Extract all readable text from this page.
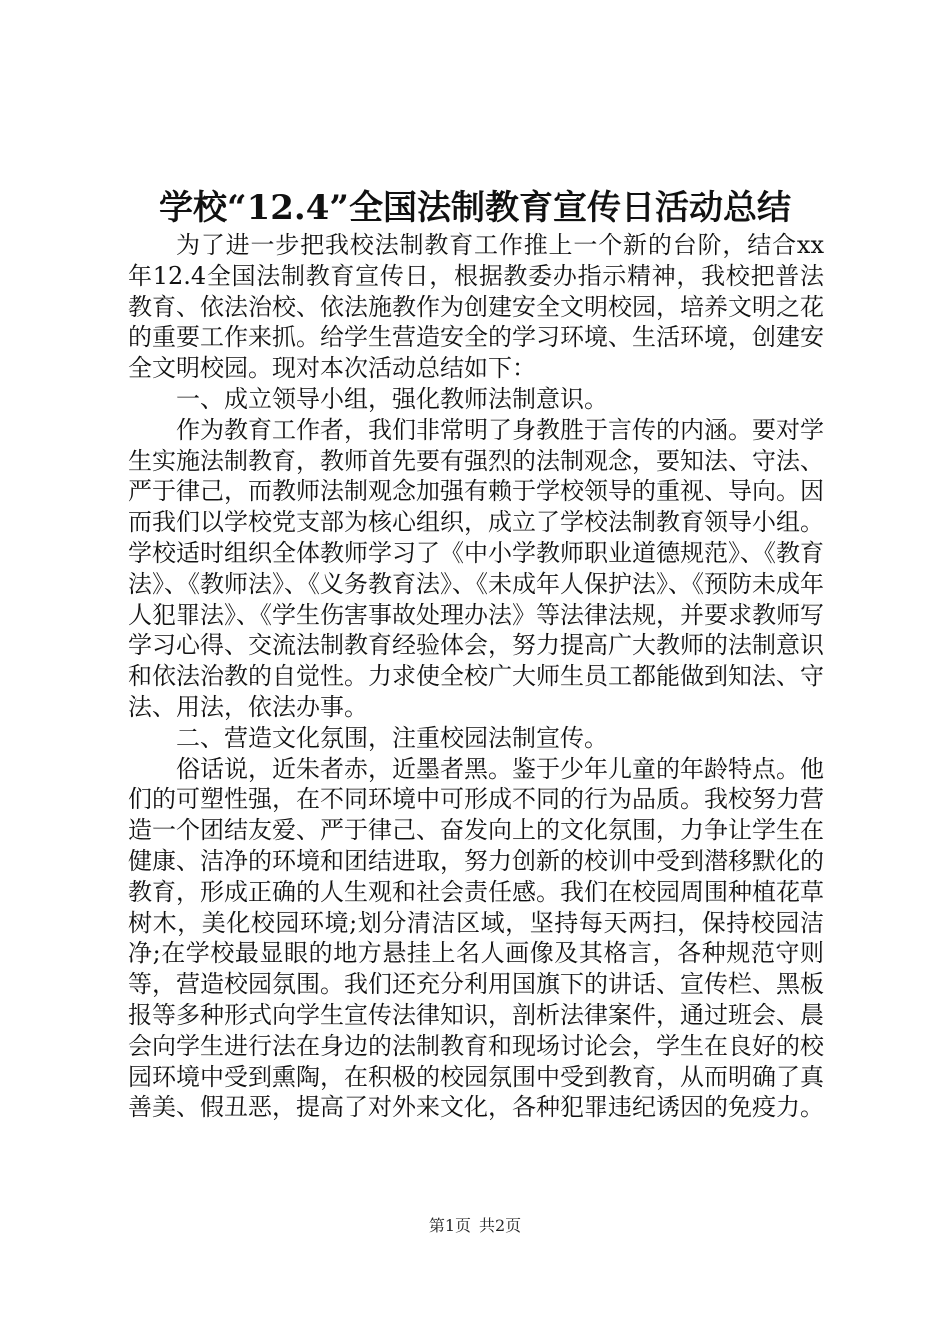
学校“12.4”全国法制教育宣传日活动总结

为了进一步把我校法制教育工作推上一个新的台阶，结合xx年12.4全国法制教育宣传日，根据教委办指示精神，我校把普法教育、依法治校、依法施教作为创建安全文明校园，培养文明之花的重要工作来抓。给学生营造安全的学习环境、生活环境，创建安全文明校园。现对本次活动总结如下：

一、成立领导小组，强化教师法制意识。

作为教育工作者，我们非常明了身教胜于言传的内涵。要对学生实施法制教育，教师首先要有强烈的法制观念，要知法、守法、严于律己，而教师法制观念加强有赖于学校领导的重视、导向。因而我们以学校党支部为核心组织，成立了学校法制教育领导小组。学校适时组织全体教师学习了《中小学教师职业道德规范》、《教育法》、《教师法》、《义务教育法》、《未成年人保护法》、《预防未成年人犯罪法》、《学生伤害事故处理办法》等法律法规，并要求教师写学习心得、交流法制教育经验体会，努力提高广大教师的法制意识和依法治教的自觉性。力求使全校广大师生员工都能做到知法、守法、用法，依法办事。

二、营造文化氛围，注重校园法制宣传。

俗话说，近朱者赤，近墨者黑。鉴于少年儿童的年龄特点。他们的可塑性强，在不同环境中可形成不同的行为品质。我校努力营造一个团结友爱、严于律己、奋发向上的文化氛围，力争让学生在健康、洁净的环境和团结进取，努力创新的校训中受到潜移默化的教育，形成正确的人生观和社会责任感。我们在校园周围种植花草树木，美化校园环境;划分清洁区域，坚持每天两扫，保持校园洁净;在学校最显眼的地方悬挂上名人画像及其格言，各种规范守则等，营造校园氛围。我们还充分利用国旗下的讲话、宣传栏、黑板报等多种形式向学生宣传法律知识，剖析法律案件，通过班会、晨会向学生进行法在身边的法制教育和现场讨论会，学生在良好的校园环境中受到熏陶，在积极的校园氛围中受到教育，从而明确了真善美、假丑恶，提高了对外来文化，各种犯罪违纪诱因的免疫力。

第1页 共2页
